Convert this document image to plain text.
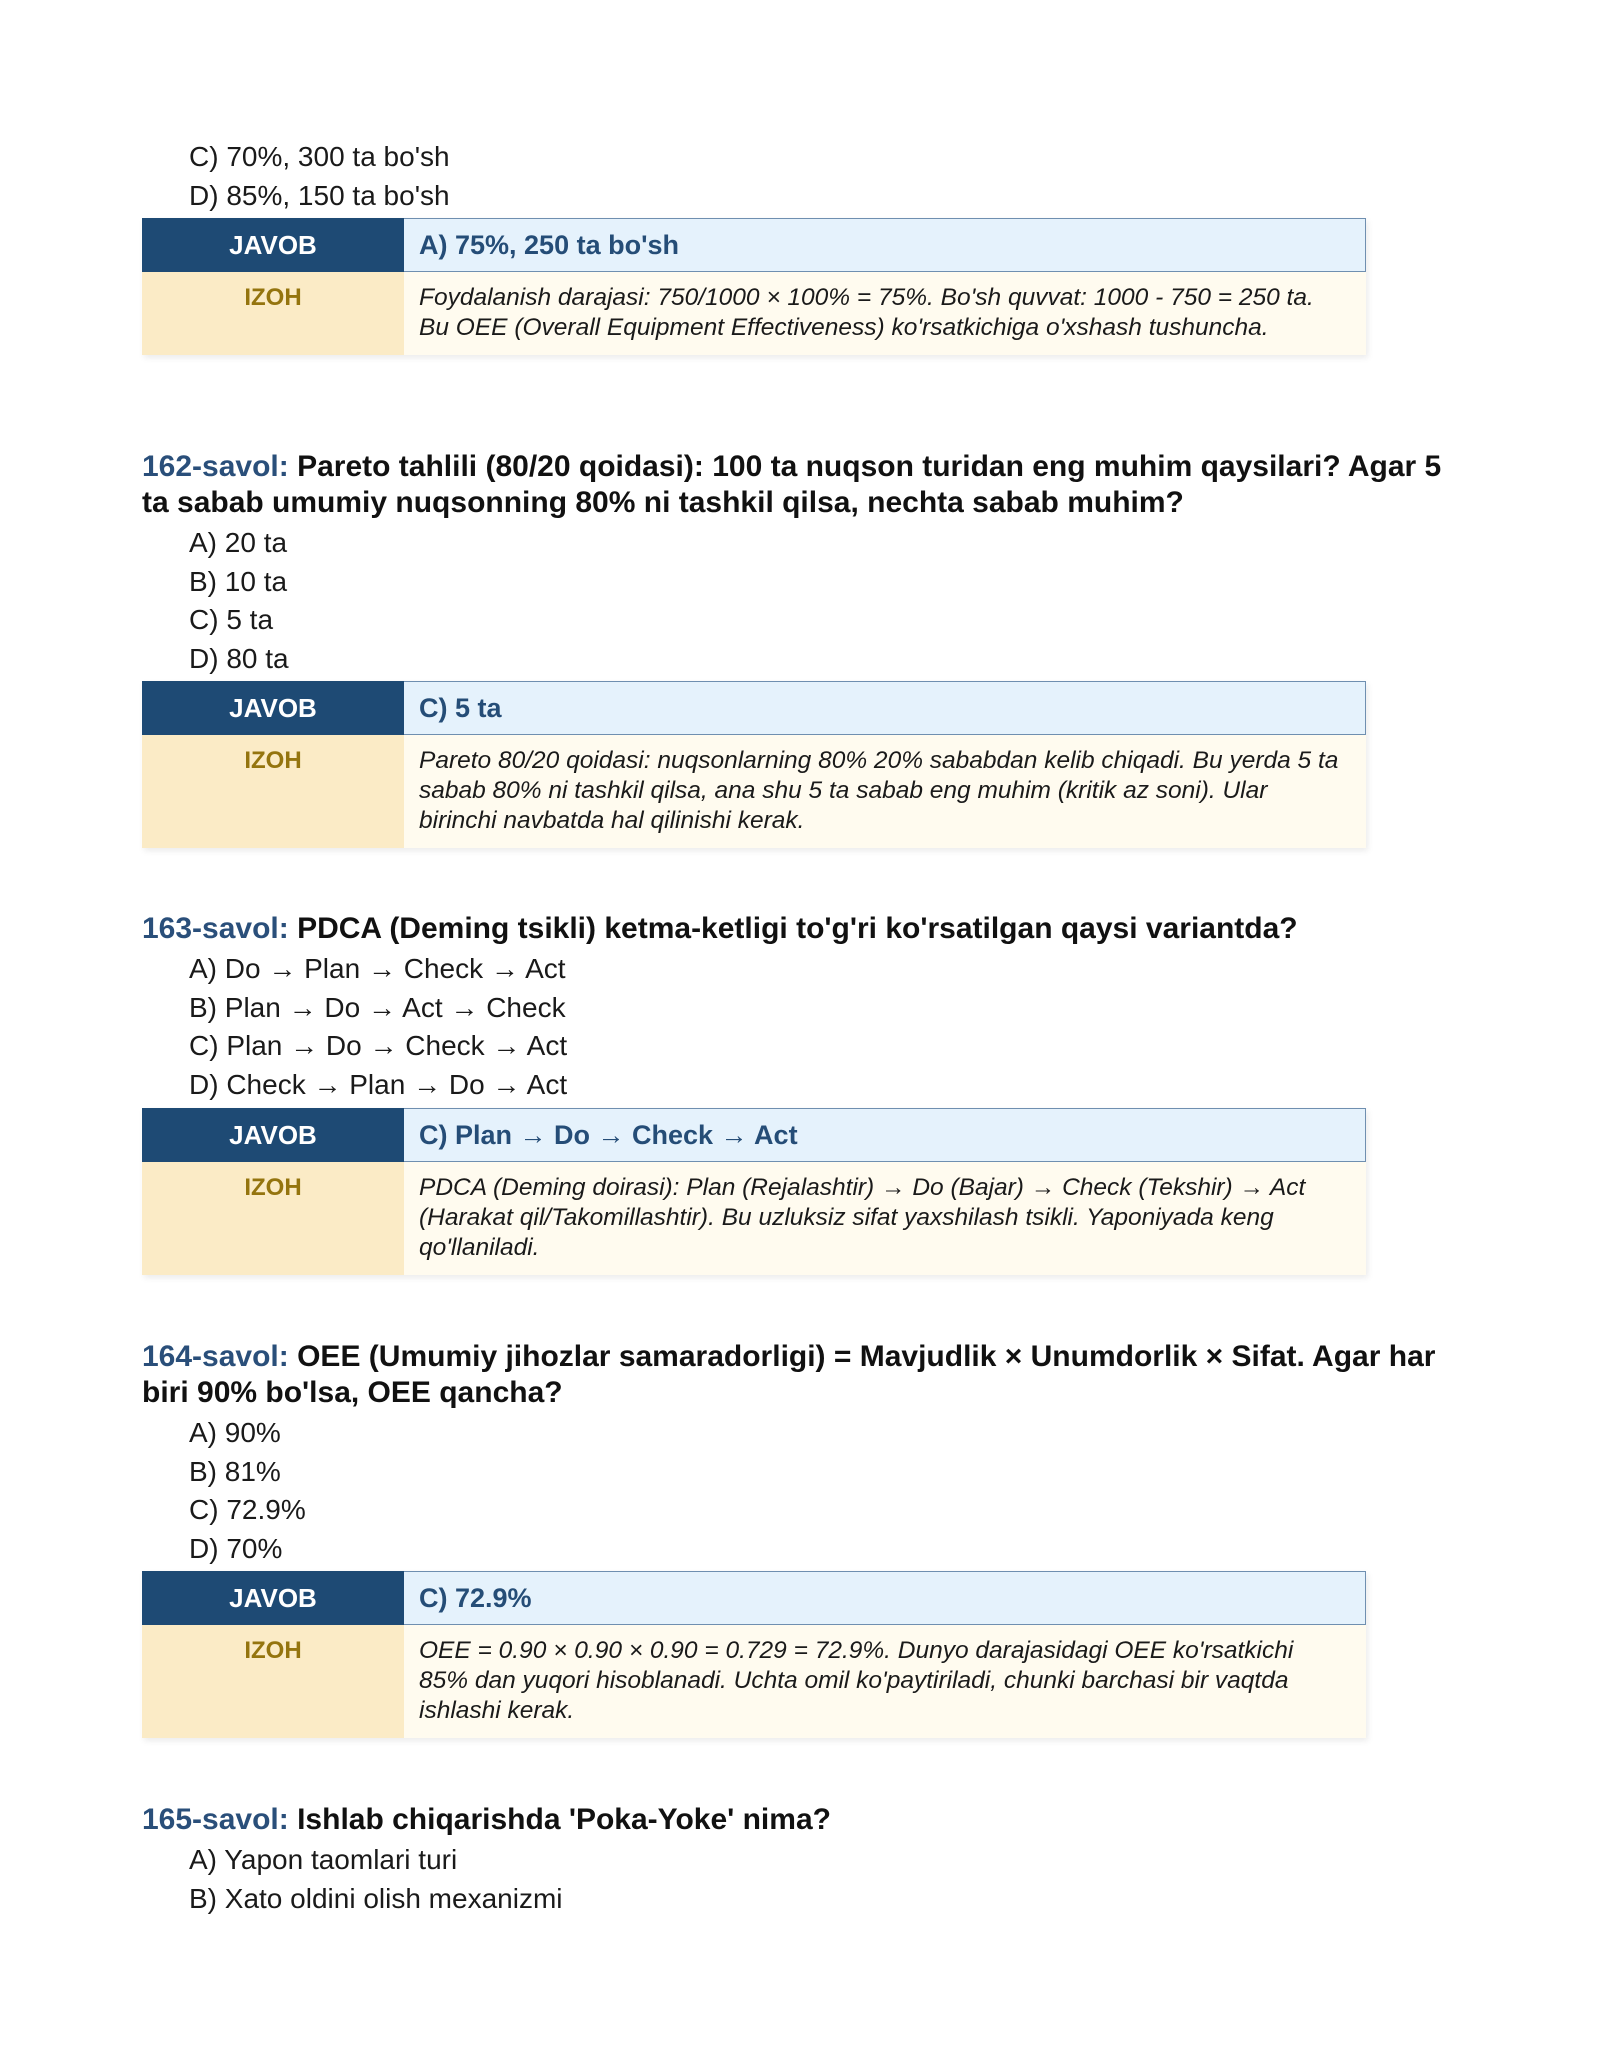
C) 70%, 300 ta bo'sh
D) 85%, 150 ta bo'sh
JAVOB	A) 75%, 250 ta bo'sh
IZOH	Foydalanish darajasi: 750/1000 × 100% = 75%. Bo'sh quvvat: 1000 - 750 = 250 ta. Bu OEE (Overall Equipment Effectiveness) ko'rsatkichiga o'xshash tushuncha.
162-savol: Pareto tahlili (80/20 qoidasi): 100 ta nuqson turidan eng muhim qaysilari? Agar 5 ta sabab umumiy nuqsonning 80% ni tashkil qilsa, nechta sabab muhim?
A) 20 ta
B) 10 ta
C) 5 ta
D) 80 ta
JAVOB	C) 5 ta
IZOH	Pareto 80/20 qoidasi: nuqsonlarning 80% 20% sababdan kelib chiqadi. Bu yerda 5 ta sabab 80% ni tashkil qilsa, ana shu 5 ta sabab eng muhim (kritik az soni). Ular birinchi navbatda hal qilinishi kerak.
163-savol: PDCA (Deming tsikli) ketma-ketligi to'g'ri ko'rsatilgan qaysi variantda?
A) Do → Plan → Check → Act
B) Plan → Do → Act → Check
C) Plan → Do → Check → Act
D) Check → Plan → Do → Act
JAVOB	C) Plan → Do → Check → Act
IZOH	PDCA (Deming doirasi): Plan (Rejalashtir) → Do (Bajar) → Check (Tekshir) → Act (Harakat qil/Takomillashtir). Bu uzluksiz sifat yaxshilash tsikli. Yaponiyada keng qo'llaniladi.
164-savol: OEE (Umumiy jihozlar samaradorligi) = Mavjudlik × Unumdorlik × Sifat. Agar har biri 90% bo'lsa, OEE qancha?
A) 90%
B) 81%
C) 72.9%
D) 70%
JAVOB	C) 72.9%
IZOH	OEE = 0.90 × 0.90 × 0.90 = 0.729 = 72.9%. Dunyo darajasidagi OEE ko'rsatkichi 85% dan yuqori hisoblanadi. Uchta omil ko'paytiriladi, chunki barchasi bir vaqtda ishlashi kerak.
165-savol: Ishlab chiqarishda 'Poka-Yoke' nima?
A) Yapon taomlari turi
B) Xato oldini olish mexanizmi
